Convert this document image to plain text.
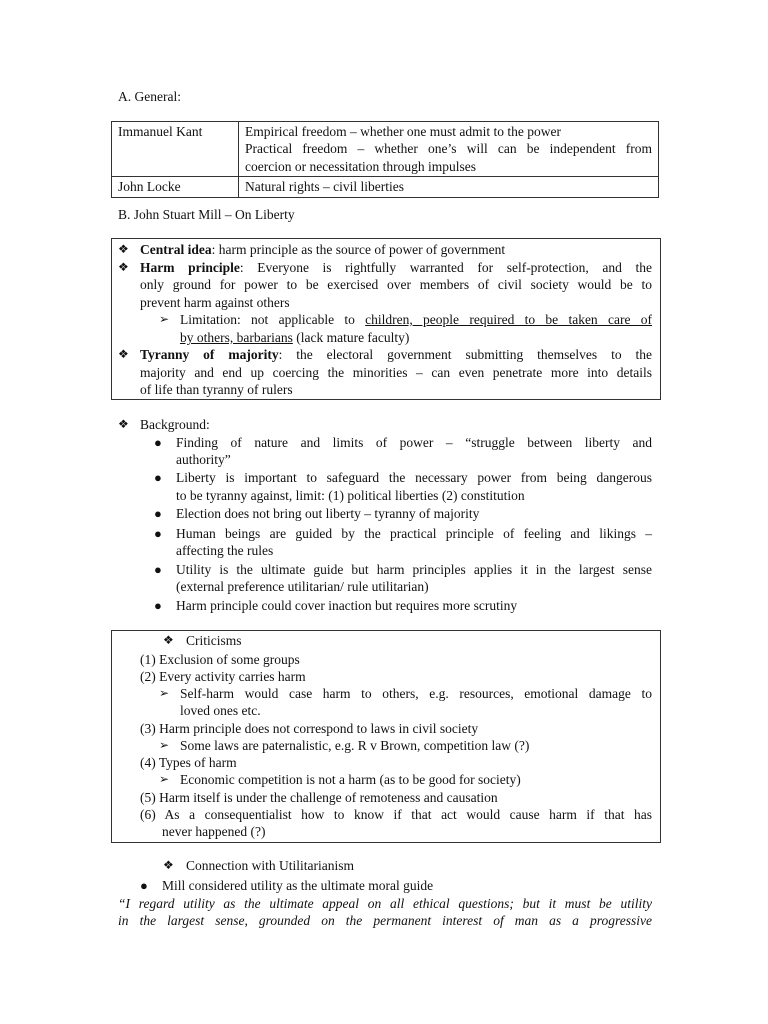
A. General:
Immanuel Kant	Empirical freedom – whether one must admit to the power
Practical freedom – whether one’s will can be independent from
coercion or necessitation through impulses

John Locke	Natural rights – civil liberties
B. John Stuart Mill – On Liberty
❖ Central idea: harm principle as the source of power of government
❖ Harm principle: Everyone is rightfully warranted for self-protection, and the
only ground for power to be exercised over members of civil society would be to
prevent harm against others
➢ Limitation: not applicable to children, people required to be taken care of
by others, barbarians (lack mature faculty)
❖ Tyranny of majority: the electoral government submitting themselves to the
majority and end up coercing the minorities – can even penetrate more into details
of life than tyranny of rulers
❖ Background:
● Finding of nature and limits of power – “struggle between liberty and
authority”
● Liberty is important to safeguard the necessary power from being dangerous
to be tyranny against, limit: (1) political liberties (2) constitution
● Election does not bring out liberty – tyranny of majority
● Human beings are guided by the practical principle of feeling and likings –
affecting the rules
● Utility is the ultimate guide but harm principles applies it in the largest sense
(external preference utilitarian/ rule utilitarian)
● Harm principle could cover inaction but requires more scrutiny
❖ Criticisms
(1) Exclusion of some groups
(2) Every activity carries harm
➢ Self-harm would case harm to others, e.g. resources, emotional damage to
loved ones etc.
(3) Harm principle does not correspond to laws in civil society
➢ Some laws are paternalistic, e.g. R v Brown, competition law (?)
(4) Types of harm
➢ Economic competition is not a harm (as to be good for society)
(5) Harm itself is under the challenge of remoteness and causation
(6) As a consequentialist how to know if that act would cause harm if that has
never happened (?)
❖ Connection with Utilitarianism
● Mill considered utility as the ultimate moral guide
“I regard utility as the ultimate appeal on all ethical questions; but it must be utility
in the largest sense, grounded on the permanent interest of man as a progressive
